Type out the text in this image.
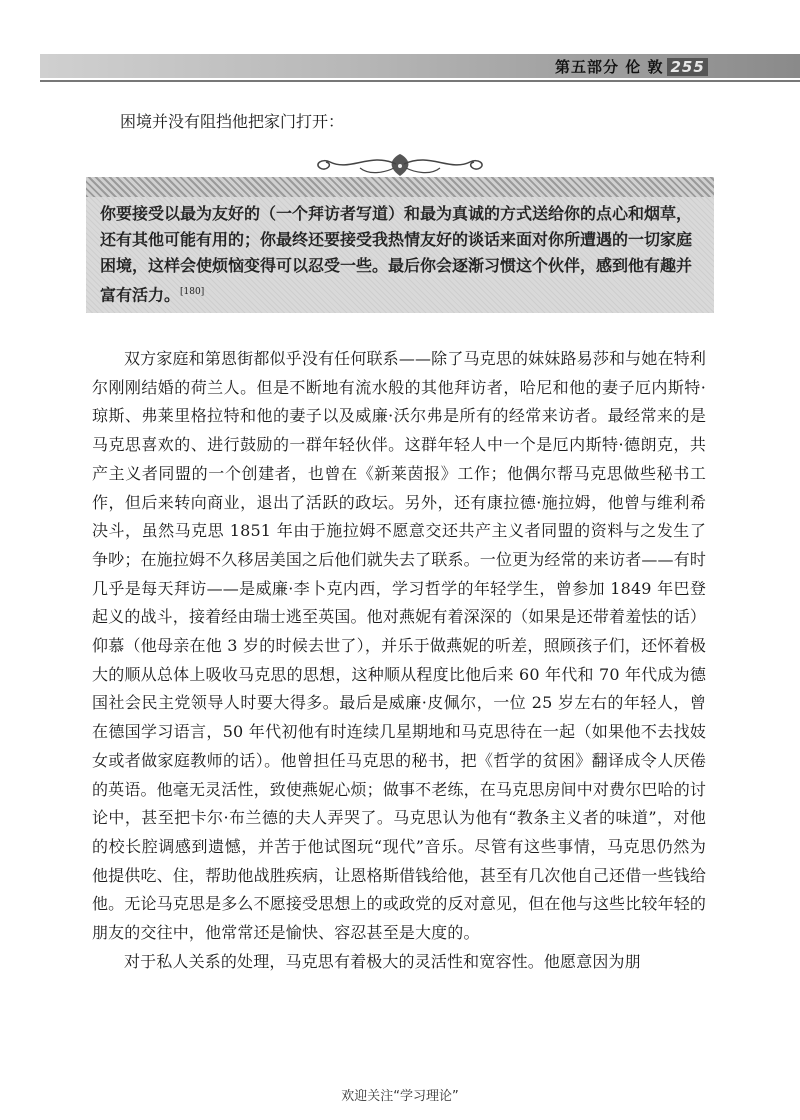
第五部分 伦 敦 255
困境并没有阻挡他把家门打开：
你要接受以最为友好的（一个拜访者写道）和最为真诚的方式送给你的点心和烟草，还有其他可能有用的；你最终还要接受我热情友好的谈话来面对你所遭遇的一切家庭困境，这样会使烦恼变得可以忍受一些。最后你会逐渐习惯这个伙伴，感到他有趣并富有活力。[180]

双方家庭和第恩街都似乎没有任何联系——除了马克思的妹妹路易莎和与她在特利尔刚刚结婚的荷兰人。但是不断地有流水般的其他拜访者，哈尼和他的妻子厄内斯特·琼斯、弗莱里格拉特和他的妻子以及威廉·沃尔弗是所有的经常来访者。最经常来的是马克思喜欢的、进行鼓励的一群年轻伙伴。这群年轻人中一个是厄内斯特·德朗克，共产主义者同盟的一个创建者，也曾在《新莱茵报》工作；他偶尔帮马克思做些秘书工作，但后来转向商业，退出了活跃的政坛。另外，还有康拉德·施拉姆，他曾与维利希决斗，虽然马克思 1851 年由于施拉姆不愿意交还共产主义者同盟的资料与之发生了争吵；在施拉姆不久移居美国之后他们就失去了联系。一位更为经常的来访者——有时几乎是每天拜访——是威廉·李卜克内西，学习哲学的年轻学生，曾参加 1849 年巴登起义的战斗，接着经由瑞士逃至英国。他对燕妮有着深深的（如果是还带着羞怯的话）仰慕（他母亲在他 3 岁的时候去世了），并乐于做燕妮的听差，照顾孩子们，还怀着极大的顺从总体上吸收马克思的思想，这种顺从程度比他后来 60 年代和 70 年代成为德国社会民主党领导人时要大得多。最后是威廉·皮佩尔，一位 25 岁左右的年轻人，曾在德国学习语言，50 年代初他有时连续几星期地和马克思待在一起（如果他不去找妓女或者做家庭教师的话）。他曾担任马克思的秘书，把《哲学的贫困》翻译成令人厌倦的英语。他毫无灵活性，致使燕妮心烦；做事不老练，在马克思房间中对费尔巴哈的讨论中，甚至把卡尔·布兰德的夫人弄哭了。马克思认为他有“教条主义者的味道”，对他的校长腔调感到遗憾，并苦于他试图玩“现代”音乐。尽管有这些事情，马克思仍然为他提供吃、住，帮助他战胜疾病，让恩格斯借钱给他，甚至有几次他自己还借一些钱给他。无论马克思是多么不愿接受思想上的或政党的反对意见，但在他与这些比较年轻的朋友的交往中，他常常还是愉快、容忍甚至是大度的。

对于私人关系的处理，马克思有着极大的灵活性和宽容性。他愿意因为朋

欢迎关注“学习理论”
